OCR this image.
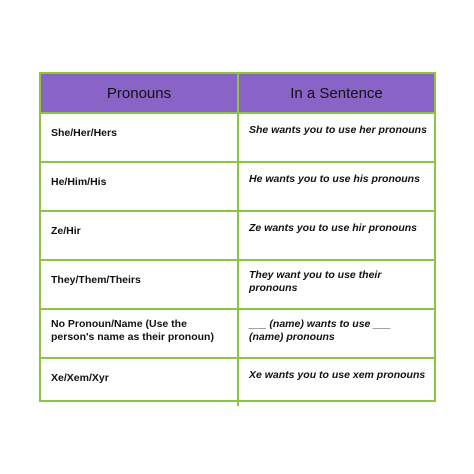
Pronouns	In a Sentence

She/Her/Hers	She wants you to use her pronouns

He/Him/His	He wants you to use his pronouns

Ze/Hir	Ze wants you to use hir pronouns

They/Them/Theirs	They want you to use their pronouns

No Pronoun/Name (Use the person's name as their pronoun)	___ (name) wants to use ___ (name) pronouns

Xe/Xem/Xyr	Xe wants you to use xem pronouns
